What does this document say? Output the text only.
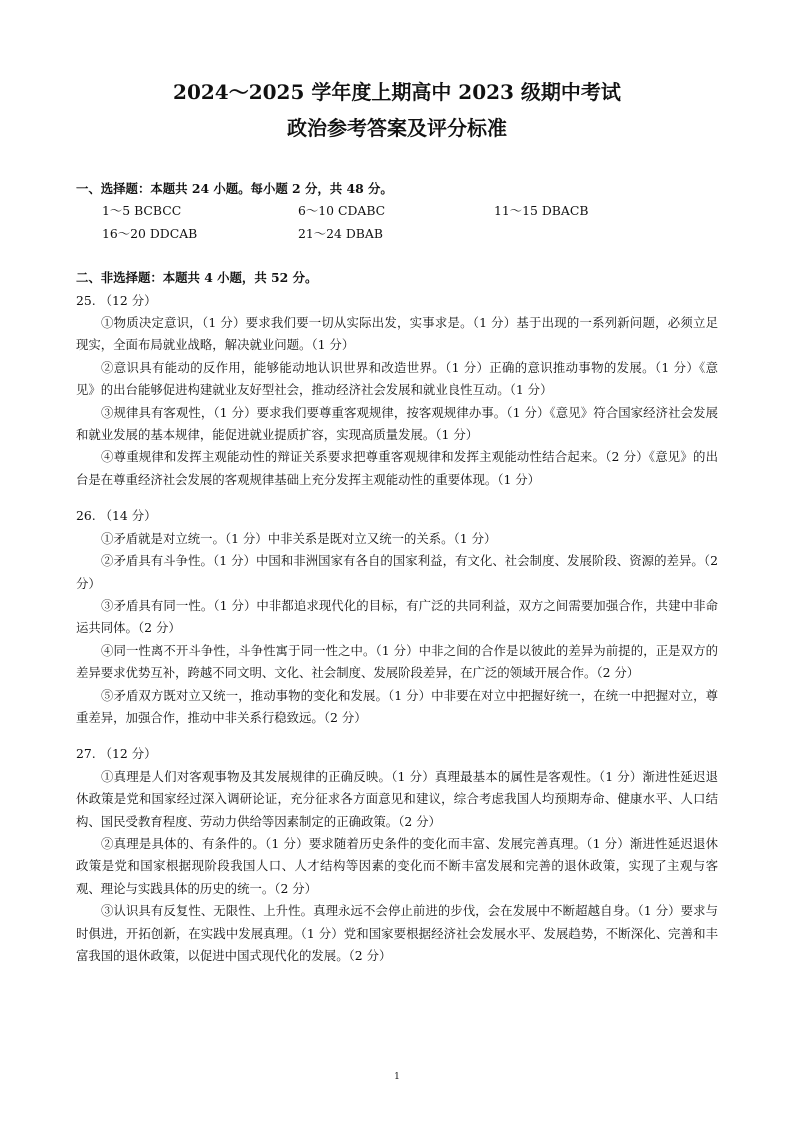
2024～2025 学年度上期高中 2023 级期中考试
政治参考答案及评分标准
一、选择题：本题共 24 小题。每小题 2 分，共 48 分。
1～5 BCBCC	6～10 CDABC	11～15 DBACB
16～20 DDCAB	21～24 DBAB
二、非选择题：本题共 4 小题，共 52 分。
25. （12 分）
①物质决定意识，（1 分）要求我们要一切从实际出发，实事求是。（1 分）基于出现的一系列新问题，必须立足现实，全面布局就业战略，解决就业问题。（1 分）
②意识具有能动的反作用，能够能动地认识世界和改造世界。（1 分）正确的意识推动事物的发展。（1 分）《意见》的出台能够促进构建就业友好型社会，推动经济社会发展和就业良性互动。（1 分）
③规律具有客观性，（1 分）要求我们要尊重客观规律，按客观规律办事。（1 分）《意见》符合国家经济社会发展和就业发展的基本规律，能促进就业提质扩容，实现高质量发展。（1 分）
④尊重规律和发挥主观能动性的辩证关系要求把尊重客观规律和发挥主观能动性结合起来。（2 分）《意见》的出台是在尊重经济社会发展的客观规律基础上充分发挥主观能动性的重要体现。（1 分）
26. （14 分）
①矛盾就是对立统一。（1 分）中非关系是既对立又统一的关系。（1 分）
②矛盾具有斗争性。（1 分）中国和非洲国家有各自的国家利益，有文化、社会制度、发展阶段、资源的差异。（2 分）
③矛盾具有同一性。（1 分）中非都追求现代化的目标，有广泛的共同利益，双方之间需要加强合作，共建中非命运共同体。（2 分）
④同一性离不开斗争性，斗争性寓于同一性之中。（1 分）中非之间的合作是以彼此的差异为前提的，正是双方的差异要求优势互补，跨越不同文明、文化、社会制度、发展阶段差异，在广泛的领域开展合作。（2 分）
⑤矛盾双方既对立又统一，推动事物的变化和发展。（1 分）中非要在对立中把握好统一，在统一中把握对立，尊重差异，加强合作，推动中非关系行稳致远。（2 分）
27. （12 分）
①真理是人们对客观事物及其发展规律的正确反映。（1 分）真理最基本的属性是客观性。（1 分）渐进性延迟退休政策是党和国家经过深入调研论证，充分征求各方面意见和建议，综合考虑我国人均预期寿命、健康水平、人口结构、国民受教育程度、劳动力供给等因素制定的正确政策。（2 分）
②真理是具体的、有条件的。（1 分）要求随着历史条件的变化而丰富、发展完善真理。（1 分）渐进性延迟退休政策是党和国家根据现阶段我国人口、人才结构等因素的变化而不断丰富发展和完善的退休政策，实现了主观与客观、理论与实践具体的历史的统一。（2 分）
③认识具有反复性、无限性、上升性。真理永远不会停止前进的步伐，会在发展中不断超越自身。（1 分）要求与时俱进，开拓创新，在实践中发展真理。（1 分）党和国家要根据经济社会发展水平、发展趋势，不断深化、完善和丰富我国的退休政策，以促进中国式现代化的发展。（2 分）
1
